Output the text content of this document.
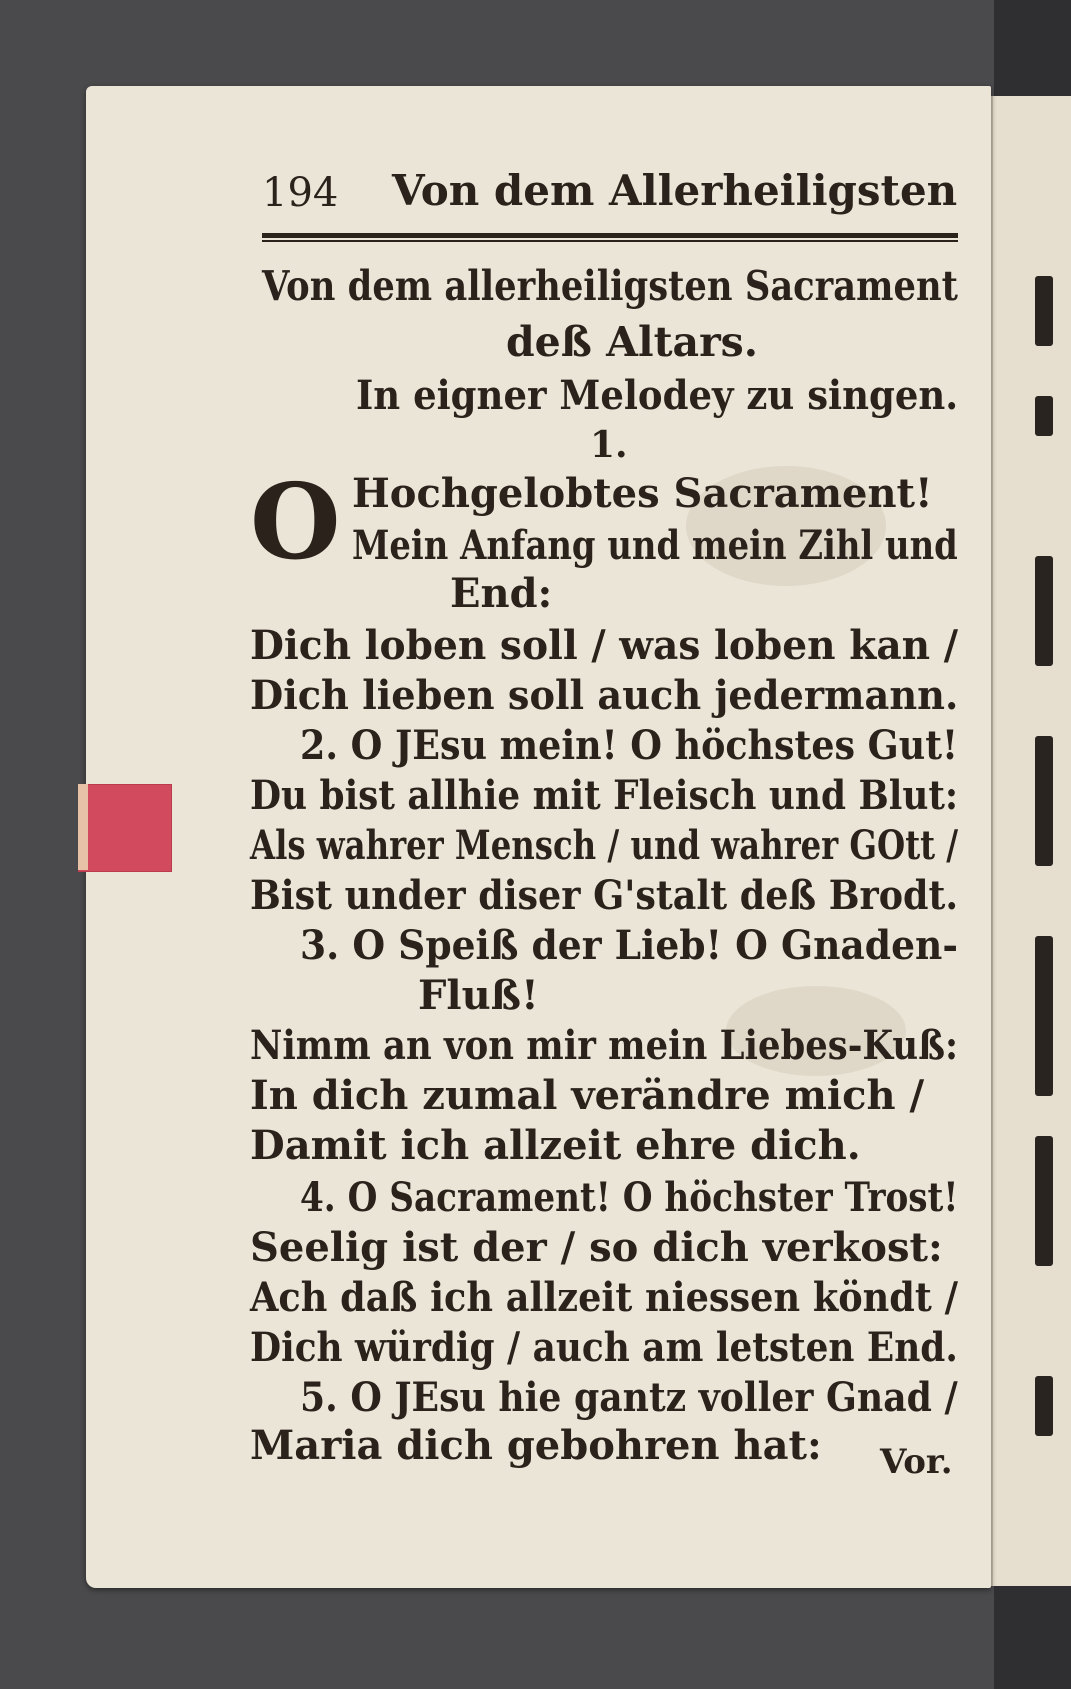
194 Von dem Allerheiligsten
Von dem allerheiligsten Sacrament
deß Altars.
In eigner Melodey zu singen.
1.
O Hochgelobtes Sacrament!
Mein Anfang und mein Zihl und
End:
Dich loben soll / was loben kan /
Dich lieben soll auch jedermann.
2. O JEsu mein! O höchstes Gut!
Du bist allhie mit Fleisch und Blut:
Als wahrer Mensch / und wahrer GOtt /
Bist under diser G'stalt deß Brodt.
3. O Speiß der Lieb! O Gnaden-
Fluß!
Nimm an von mir mein Liebes-Kuß:
In dich zumal verändre mich /
Damit ich allzeit ehre dich.
4. O Sacrament! O höchster Trost!
Seelig ist der / so dich verkost:
Ach daß ich allzeit niessen köndt /
Dich würdig / auch am letsten End.
5. O JEsu hie gantz voller Gnad /
Maria dich gebohren hat: Vor.
